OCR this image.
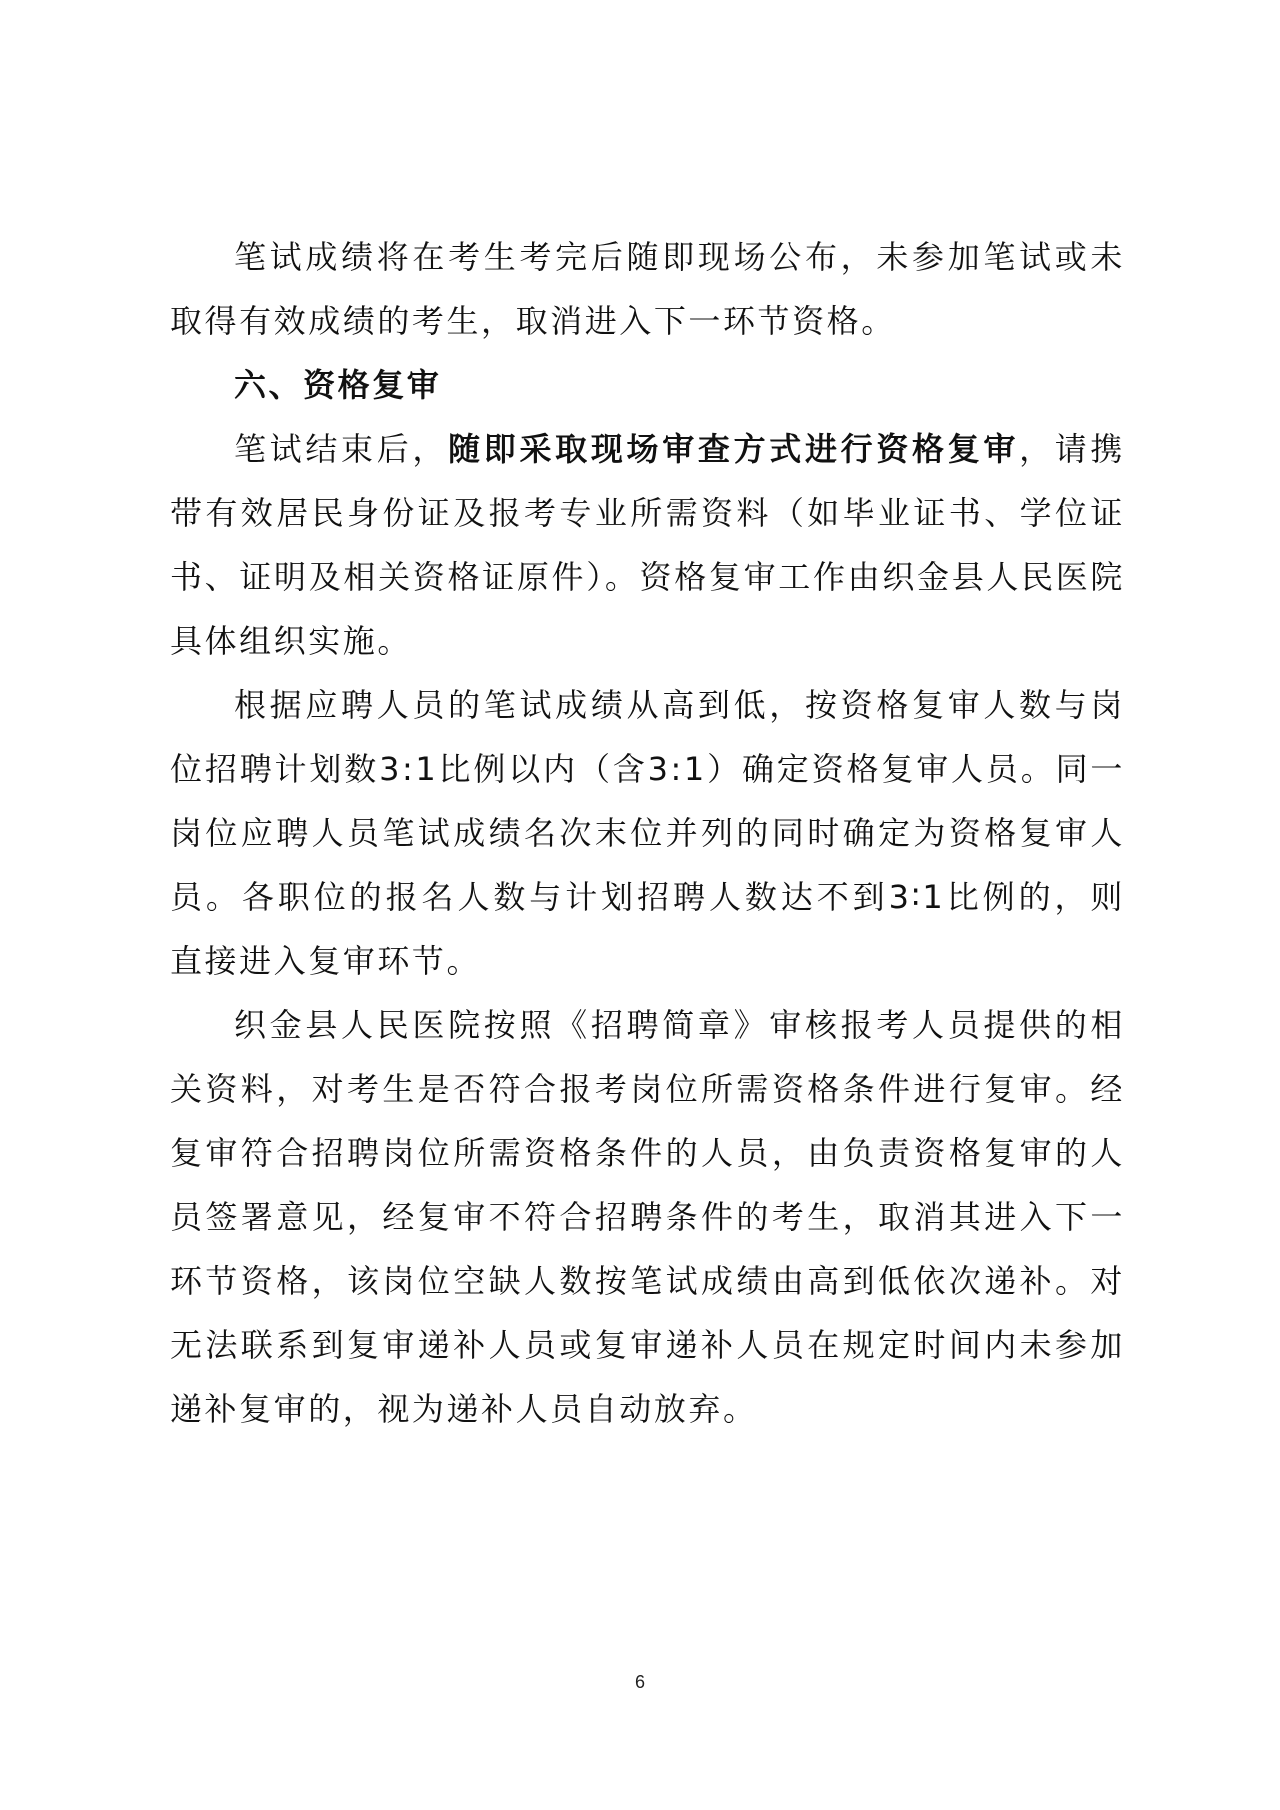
笔试成绩将在考生考完后随即现场公布，未参加笔试或未取得有效成绩的考生，取消进入下一环节资格。

六、资格复审

笔试结束后，随即采取现场审查方式进行资格复审，请携带有效居民身份证及报考专业所需资料（如毕业证书、学位证书、证明及相关资格证原件）。资格复审工作由织金县人民医院具体组织实施。

根据应聘人员的笔试成绩从高到低，按资格复审人数与岗位招聘计划数3:1比例以内（含3:1）确定资格复审人员。同一岗位应聘人员笔试成绩名次末位并列的同时确定为资格复审人员。各职位的报名人数与计划招聘人数达不到3∶1比例的，则直接进入复审环节。

织金县人民医院按照《招聘简章》审核报考人员提供的相关资料，对考生是否符合报考岗位所需资格条件进行复审。经复审符合招聘岗位所需资格条件的人员，由负责资格复审的人员签署意见，经复审不符合招聘条件的考生，取消其进入下一环节资格，该岗位空缺人数按笔试成绩由高到低依次递补。对无法联系到复审递补人员或复审递补人员在规定时间内未参加递补复审的，视为递补人员自动放弃。

6
